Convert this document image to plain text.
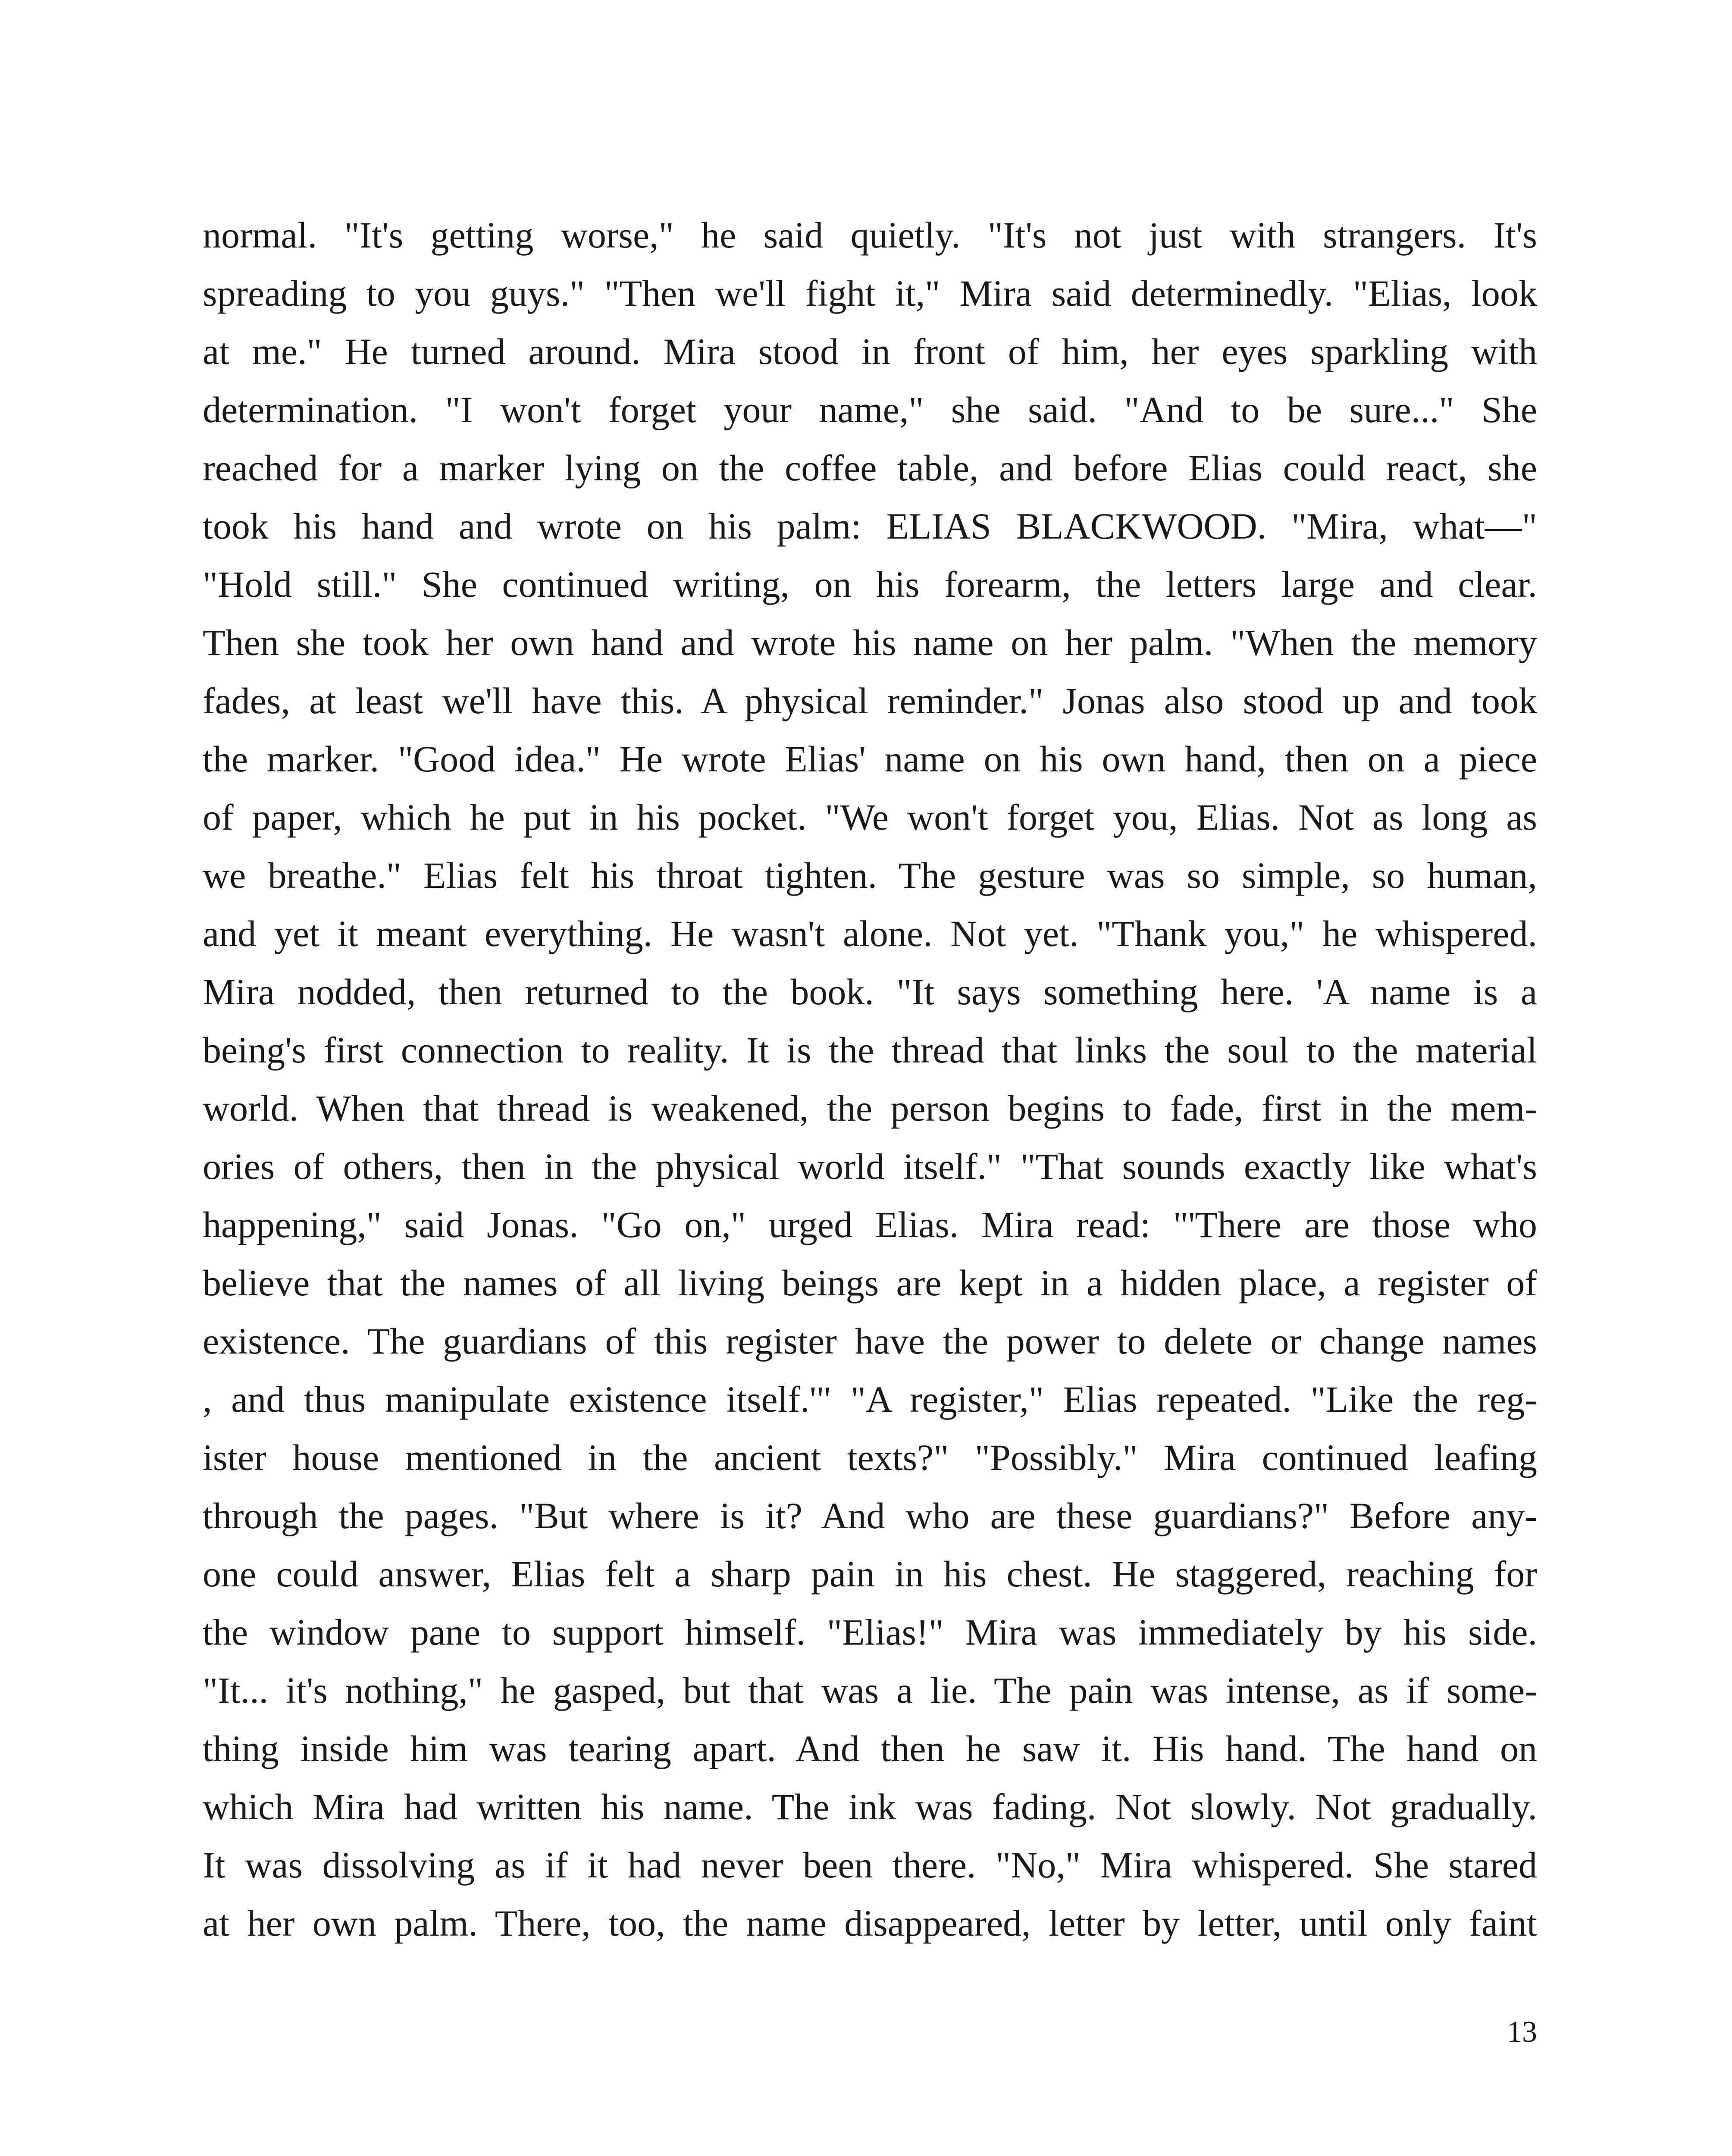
normal. "It's getting worse," he said quietly. "It's not just with strangers. It's
spreading to you guys." "Then we'll fight it," Mira said determinedly. "Elias, look
at me." He turned around. Mira stood in front of him, her eyes sparkling with
determination. "I won't forget your name," she said. "And to be sure..." She
reached for a marker lying on the coffee table, and before Elias could react, she
took his hand and wrote on his palm: ELIAS BLACKWOOD. "Mira, what—"
"Hold still." She continued writing, on his forearm, the letters large and clear.
Then she took her own hand and wrote his name on her palm. "When the memory
fades, at least we'll have this. A physical reminder." Jonas also stood up and took
the marker. "Good idea." He wrote Elias' name on his own hand, then on a piece
of paper, which he put in his pocket. "We won't forget you, Elias. Not as long as
we breathe." Elias felt his throat tighten. The gesture was so simple, so human,
and yet it meant everything. He wasn't alone. Not yet. "Thank you," he whispered.
Mira nodded, then returned to the book. "It says something here. 'A name is a
being's first connection to reality. It is the thread that links the soul to the material
world. When that thread is weakened, the person begins to fade, first in the mem-
ories of others, then in the physical world itself." "That sounds exactly like what's
happening," said Jonas. "Go on," urged Elias. Mira read: "'There are those who
believe that the names of all living beings are kept in a hidden place, a register of
existence. The guardians of this register have the power to delete or change names
, and thus manipulate existence itself.'" "A register," Elias repeated. "Like the reg-
ister house mentioned in the ancient texts?" "Possibly." Mira continued leafing
through the pages. "But where is it? And who are these guardians?" Before any-
one could answer, Elias felt a sharp pain in his chest. He staggered, reaching for
the window pane to support himself. "Elias!" Mira was immediately by his side.
"It... it's nothing," he gasped, but that was a lie. The pain was intense, as if some-
thing inside him was tearing apart. And then he saw it. His hand. The hand on
which Mira had written his name. The ink was fading. Not slowly. Not gradually.
It was dissolving as if it had never been there. "No," Mira whispered. She stared
at her own palm. There, too, the name disappeared, letter by letter, until only faint
13
